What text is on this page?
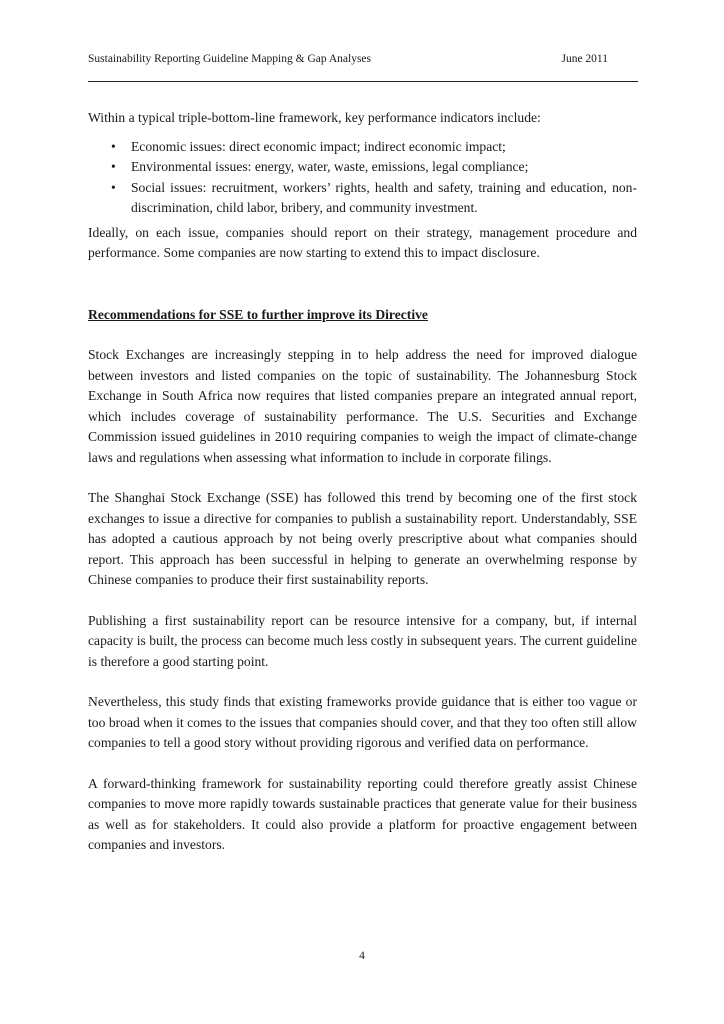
Sustainability Reporting Guideline Mapping & Gap Analyses	June 2011

Within a typical triple-bottom-line framework, key performance indicators include:

• Economic issues: direct economic impact; indirect economic impact;
• Environmental issues: energy, water, waste, emissions, legal compliance;
• Social issues: recruitment, workers’ rights, health and safety, training and education, non-discrimination, child labor, bribery, and community investment.

Ideally, on each issue, companies should report on their strategy, management procedure and performance. Some companies are now starting to extend this to impact disclosure.

Recommendations for SSE to further improve its Directive

Stock Exchanges are increasingly stepping in to help address the need for improved dialogue between investors and listed companies on the topic of sustainability. The Johannesburg Stock Exchange in South Africa now requires that listed companies prepare an integrated annual report, which includes coverage of sustainability performance. The U.S. Securities and Exchange Commission issued guidelines in 2010 requiring companies to weigh the impact of climate-change laws and regulations when assessing what information to include in corporate filings.

The Shanghai Stock Exchange (SSE) has followed this trend by becoming one of the first stock exchanges to issue a directive for companies to publish a sustainability report. Understandably, SSE has adopted a cautious approach by not being overly prescriptive about what companies should report. This approach has been successful in helping to generate an overwhelming response by Chinese companies to produce their first sustainability reports.

Publishing a first sustainability report can be resource intensive for a company, but, if internal capacity is built, the process can become much less costly in subsequent years. The current guideline is therefore a good starting point.

Nevertheless, this study finds that existing frameworks provide guidance that is either too vague or too broad when it comes to the issues that companies should cover, and that they too often still allow companies to tell a good story without providing rigorous and verified data on performance.

A forward-thinking framework for sustainability reporting could therefore greatly assist Chinese companies to move more rapidly towards sustainable practices that generate value for their business as well as for stakeholders. It could also provide a platform for proactive engagement between companies and investors.

4
